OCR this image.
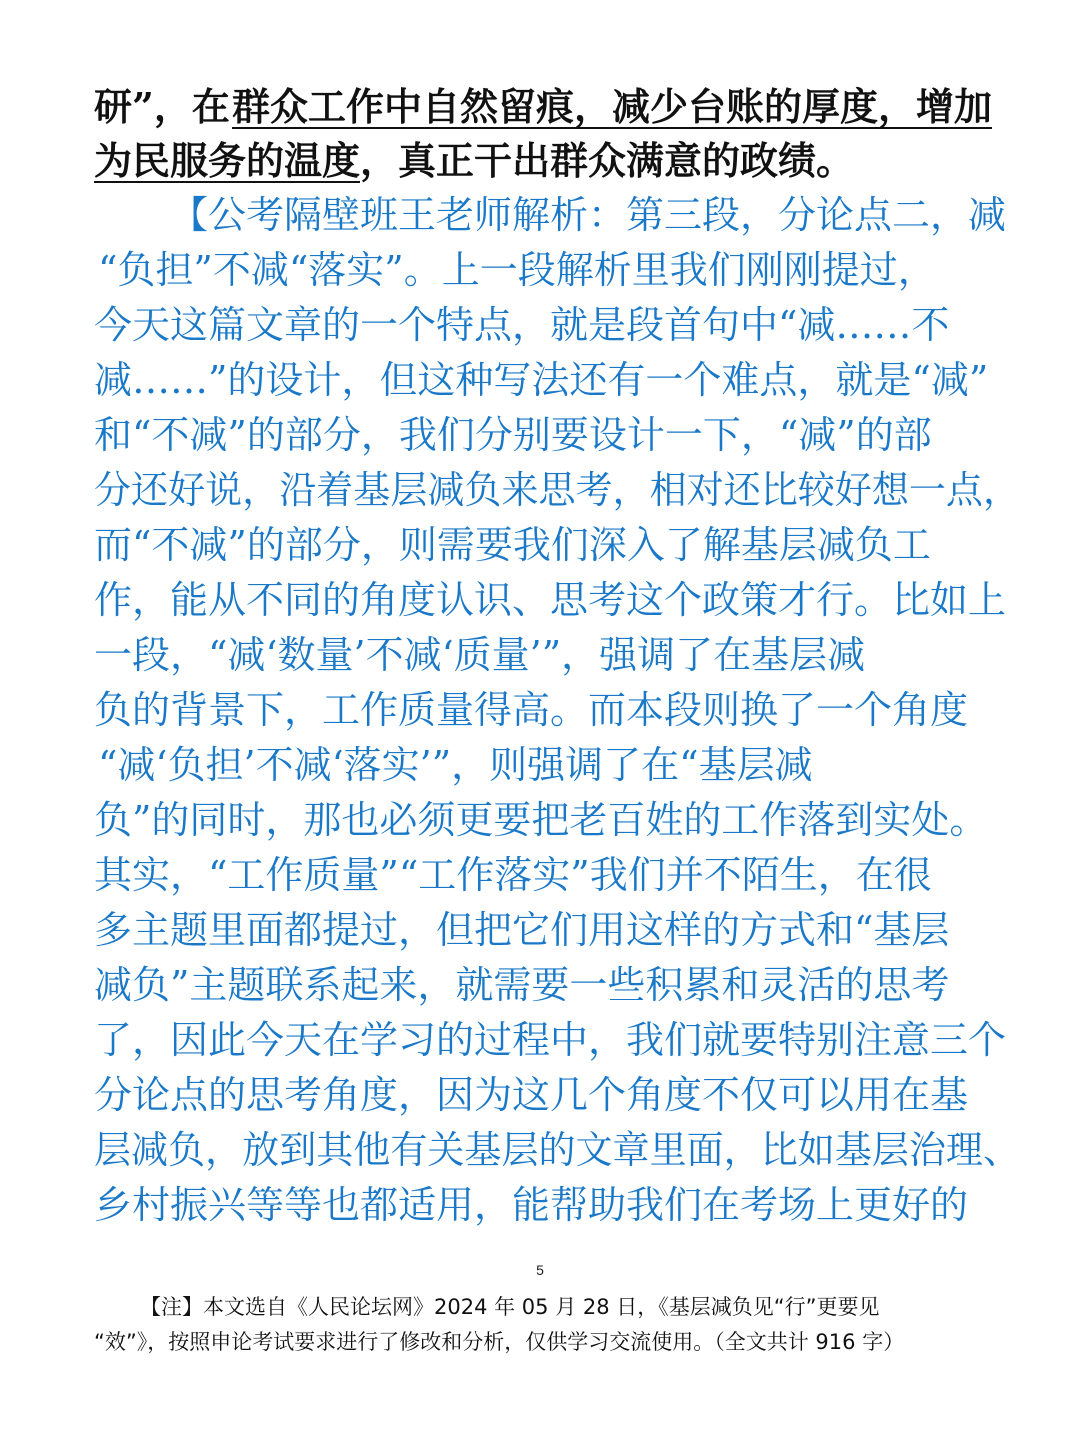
研”，在 群众工作中自然留痕，减少台账的厚度，增加
为民服务的温度 ，真正干出群众满意的政绩。
【公考隔壁班王老师解析：第三段，分论点二，减
“负担”不减“落实”。上一段解析里我们刚刚提过，
今天这篇文章的一个特点，就是段首句中“减……不
减……”的设计，但这种写法还有一个难点，就是“减”
和“不减”的部分，我们分别要设计一下，“减”的部
分还好说，沿着基层减负来思考，相对还比较好想一点，
而“不减”的部分，则需要我们深入了解基层减负工
作，能从不同的角度认识、思考这个政策才行。比如上
一段，“减‘数量’不减‘质量’”，强调了在基层减
负的背景下，工作质量得高。而本段则换了一个角度
“减‘负担’不减‘落实’”，则强调了在“基层减
负”的同时，那也必须更要把老百姓的工作落到实处。
其实，“工作质量”“工作落实”我们并不陌生，在很
多主题里面都提过，但把它们用这样的方式和“基层
减负”主题联系起来，就需要一些积累和灵活的思考
了，因此今天在学习的过程中，我们就要特别注意三个
分论点的思考角度，因为这几个角度不仅可以用在基
层减负，放到其他有关基层的文章里面，比如基层治理、
乡村振兴等等也都适用，能帮助我们在考场上更好的
5
【注】本文选自《人民论坛网》2024 年 05 月 28 日，《基层减负见“行”更要见
“效”》，按照申论考试要求进行了修改和分析，仅供学习交流使用。（全文共计 916 字）
